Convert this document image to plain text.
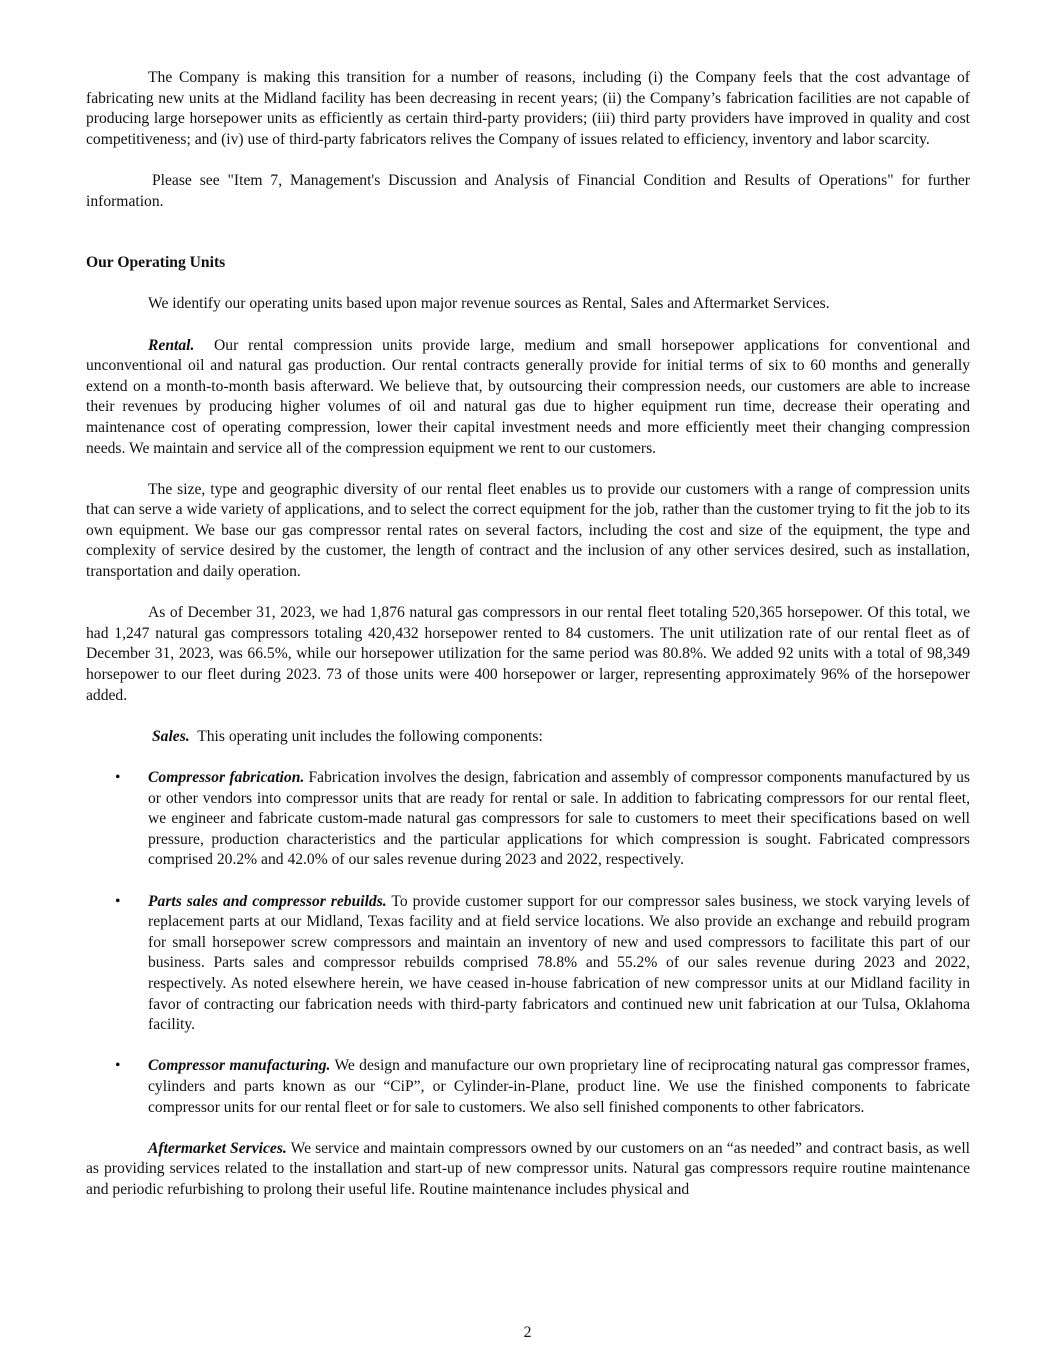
The Company is making this transition for a number of reasons, including (i) the Company feels that the cost advantage of fabricating new units at the Midland facility has been decreasing in recent years; (ii) the Company’s fabrication facilities are not capable of producing large horsepower units as efficiently as certain third-party providers; (iii) third party providers have improved in quality and cost competitiveness; and (iv) use of third-party fabricators relives the Company of issues related to efficiency, inventory and labor scarcity.

Please see "Item 7, Management's Discussion and Analysis of Financial Condition and Results of Operations" for further information.

Our Operating Units

We identify our operating units based upon major revenue sources as Rental, Sales and Aftermarket Services.

Rental. Our rental compression units provide large, medium and small horsepower applications for conventional and unconventional oil and natural gas production. Our rental contracts generally provide for initial terms of six to 60 months and generally extend on a month-to-month basis afterward. We believe that, by outsourcing their compression needs, our customers are able to increase their revenues by producing higher volumes of oil and natural gas due to higher equipment run time, decrease their operating and maintenance cost of operating compression, lower their capital investment needs and more efficiently meet their changing compression needs. We maintain and service all of the compression equipment we rent to our customers.

The size, type and geographic diversity of our rental fleet enables us to provide our customers with a range of compression units that can serve a wide variety of applications, and to select the correct equipment for the job, rather than the customer trying to fit the job to its own equipment. We base our gas compressor rental rates on several factors, including the cost and size of the equipment, the type and complexity of service desired by the customer, the length of contract and the inclusion of any other services desired, such as installation, transportation and daily operation.

As of December 31, 2023, we had 1,876 natural gas compressors in our rental fleet totaling 520,365 horsepower. Of this total, we had 1,247 natural gas compressors totaling 420,432 horsepower rented to 84 customers. The unit utilization rate of our rental fleet as of December 31, 2023, was 66.5%, while our horsepower utilization for the same period was 80.8%. We added 92 units with a total of 98,349 horsepower to our fleet during 2023. 73 of those units were 400 horsepower or larger, representing approximately 96% of the horsepower added.

Sales. This operating unit includes the following components:

• Compressor fabrication. Fabrication involves the design, fabrication and assembly of compressor components manufactured by us or other vendors into compressor units that are ready for rental or sale. In addition to fabricating compressors for our rental fleet, we engineer and fabricate custom-made natural gas compressors for sale to customers to meet their specifications based on well pressure, production characteristics and the particular applications for which compression is sought. Fabricated compressors comprised 20.2% and 42.0% of our sales revenue during 2023 and 2022, respectively.
• Parts sales and compressor rebuilds. To provide customer support for our compressor sales business, we stock varying levels of replacement parts at our Midland, Texas facility and at field service locations. We also provide an exchange and rebuild program for small horsepower screw compressors and maintain an inventory of new and used compressors to facilitate this part of our business. Parts sales and compressor rebuilds comprised 78.8% and 55.2% of our sales revenue during 2023 and 2022, respectively. As noted elsewhere herein, we have ceased in-house fabrication of new compressor units at our Midland facility in favor of contracting our fabrication needs with third-party fabricators and continued new unit fabrication at our Tulsa, Oklahoma facility.
• Compressor manufacturing. We design and manufacture our own proprietary line of reciprocating natural gas compressor frames, cylinders and parts known as our “CiP”, or Cylinder-in-Plane, product line. We use the finished components to fabricate compressor units for our rental fleet or for sale to customers. We also sell finished components to other fabricators.

Aftermarket Services. We service and maintain compressors owned by our customers on an “as needed” and contract basis, as well as providing services related to the installation and start-up of new compressor units. Natural gas compressors require routine maintenance and periodic refurbishing to prolong their useful life. Routine maintenance includes physical and

2
